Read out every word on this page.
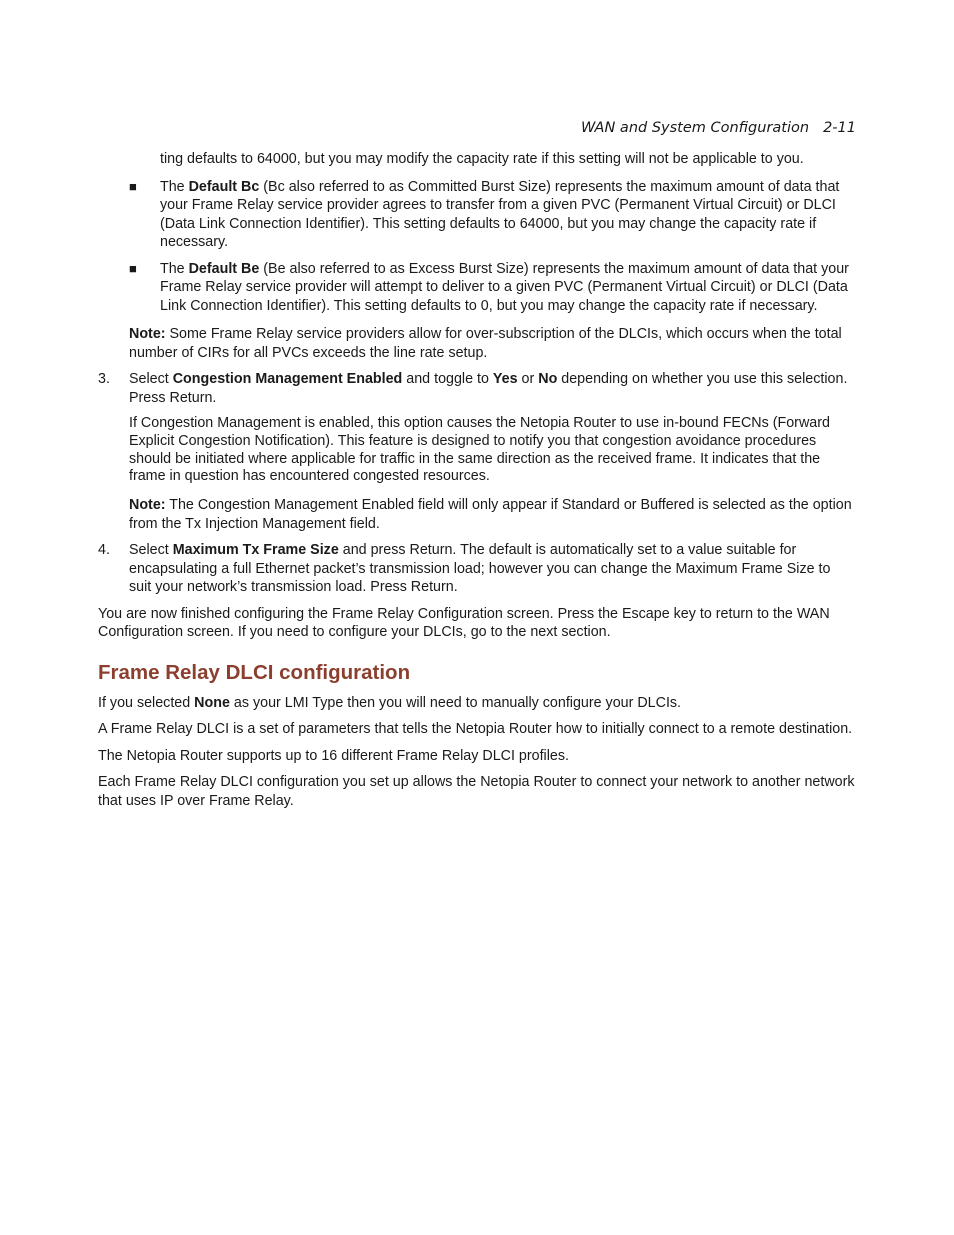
WAN and System Configuration 2-11

ting defaults to 64000, but you may modify the capacity rate if this setting will not be applicable to you.

■ The Default Bc (Bc also referred to as Committed Burst Size) represents the maximum amount of data that your Frame Relay service provider agrees to transfer from a given PVC (Permanent Virtual Circuit) or DLCI (Data Link Connection Identifier). This setting defaults to 64000, but you may change the capacity rate if necessary.

■ The Default Be (Be also referred to as Excess Burst Size) represents the maximum amount of data that your Frame Relay service provider will attempt to deliver to a given PVC (Permanent Virtual Circuit) or DLCI (Data Link Connection Identifier). This setting defaults to 0, but you may change the capacity rate if necessary.

Note: Some Frame Relay service providers allow for over-subscription of the DLCIs, which occurs when the total number of CIRs for all PVCs exceeds the line rate setup.

3. Select Congestion Management Enabled and toggle to Yes or No depending on whether you use this selection. Press Return.

If Congestion Management is enabled, this option causes the Netopia Router to use in-bound FECNs (Forward Explicit Congestion Notification). This feature is designed to notify you that congestion avoidance procedures should be initiated where applicable for traffic in the same direction as the received frame. It indicates that the frame in question has encountered congested resources.

Note: The Congestion Management Enabled field will only appear if Standard or Buffered is selected as the option from the Tx Injection Management field.

4. Select Maximum Tx Frame Size and press Return. The default is automatically set to a value suitable for encapsulating a full Ethernet packet’s transmission load; however you can change the Maximum Frame Size to suit your network’s transmission load. Press Return.

You are now finished configuring the Frame Relay Configuration screen. Press the Escape key to return to the WAN Configuration screen. If you need to configure your DLCIs, go to the next section.

Frame Relay DLCI configuration

If you selected None as your LMI Type then you will need to manually configure your DLCIs.

A Frame Relay DLCI is a set of parameters that tells the Netopia Router how to initially connect to a remote destination.

The Netopia Router supports up to 16 different Frame Relay DLCI profiles.

Each Frame Relay DLCI configuration you set up allows the Netopia Router to connect your network to another network that uses IP over Frame Relay.
